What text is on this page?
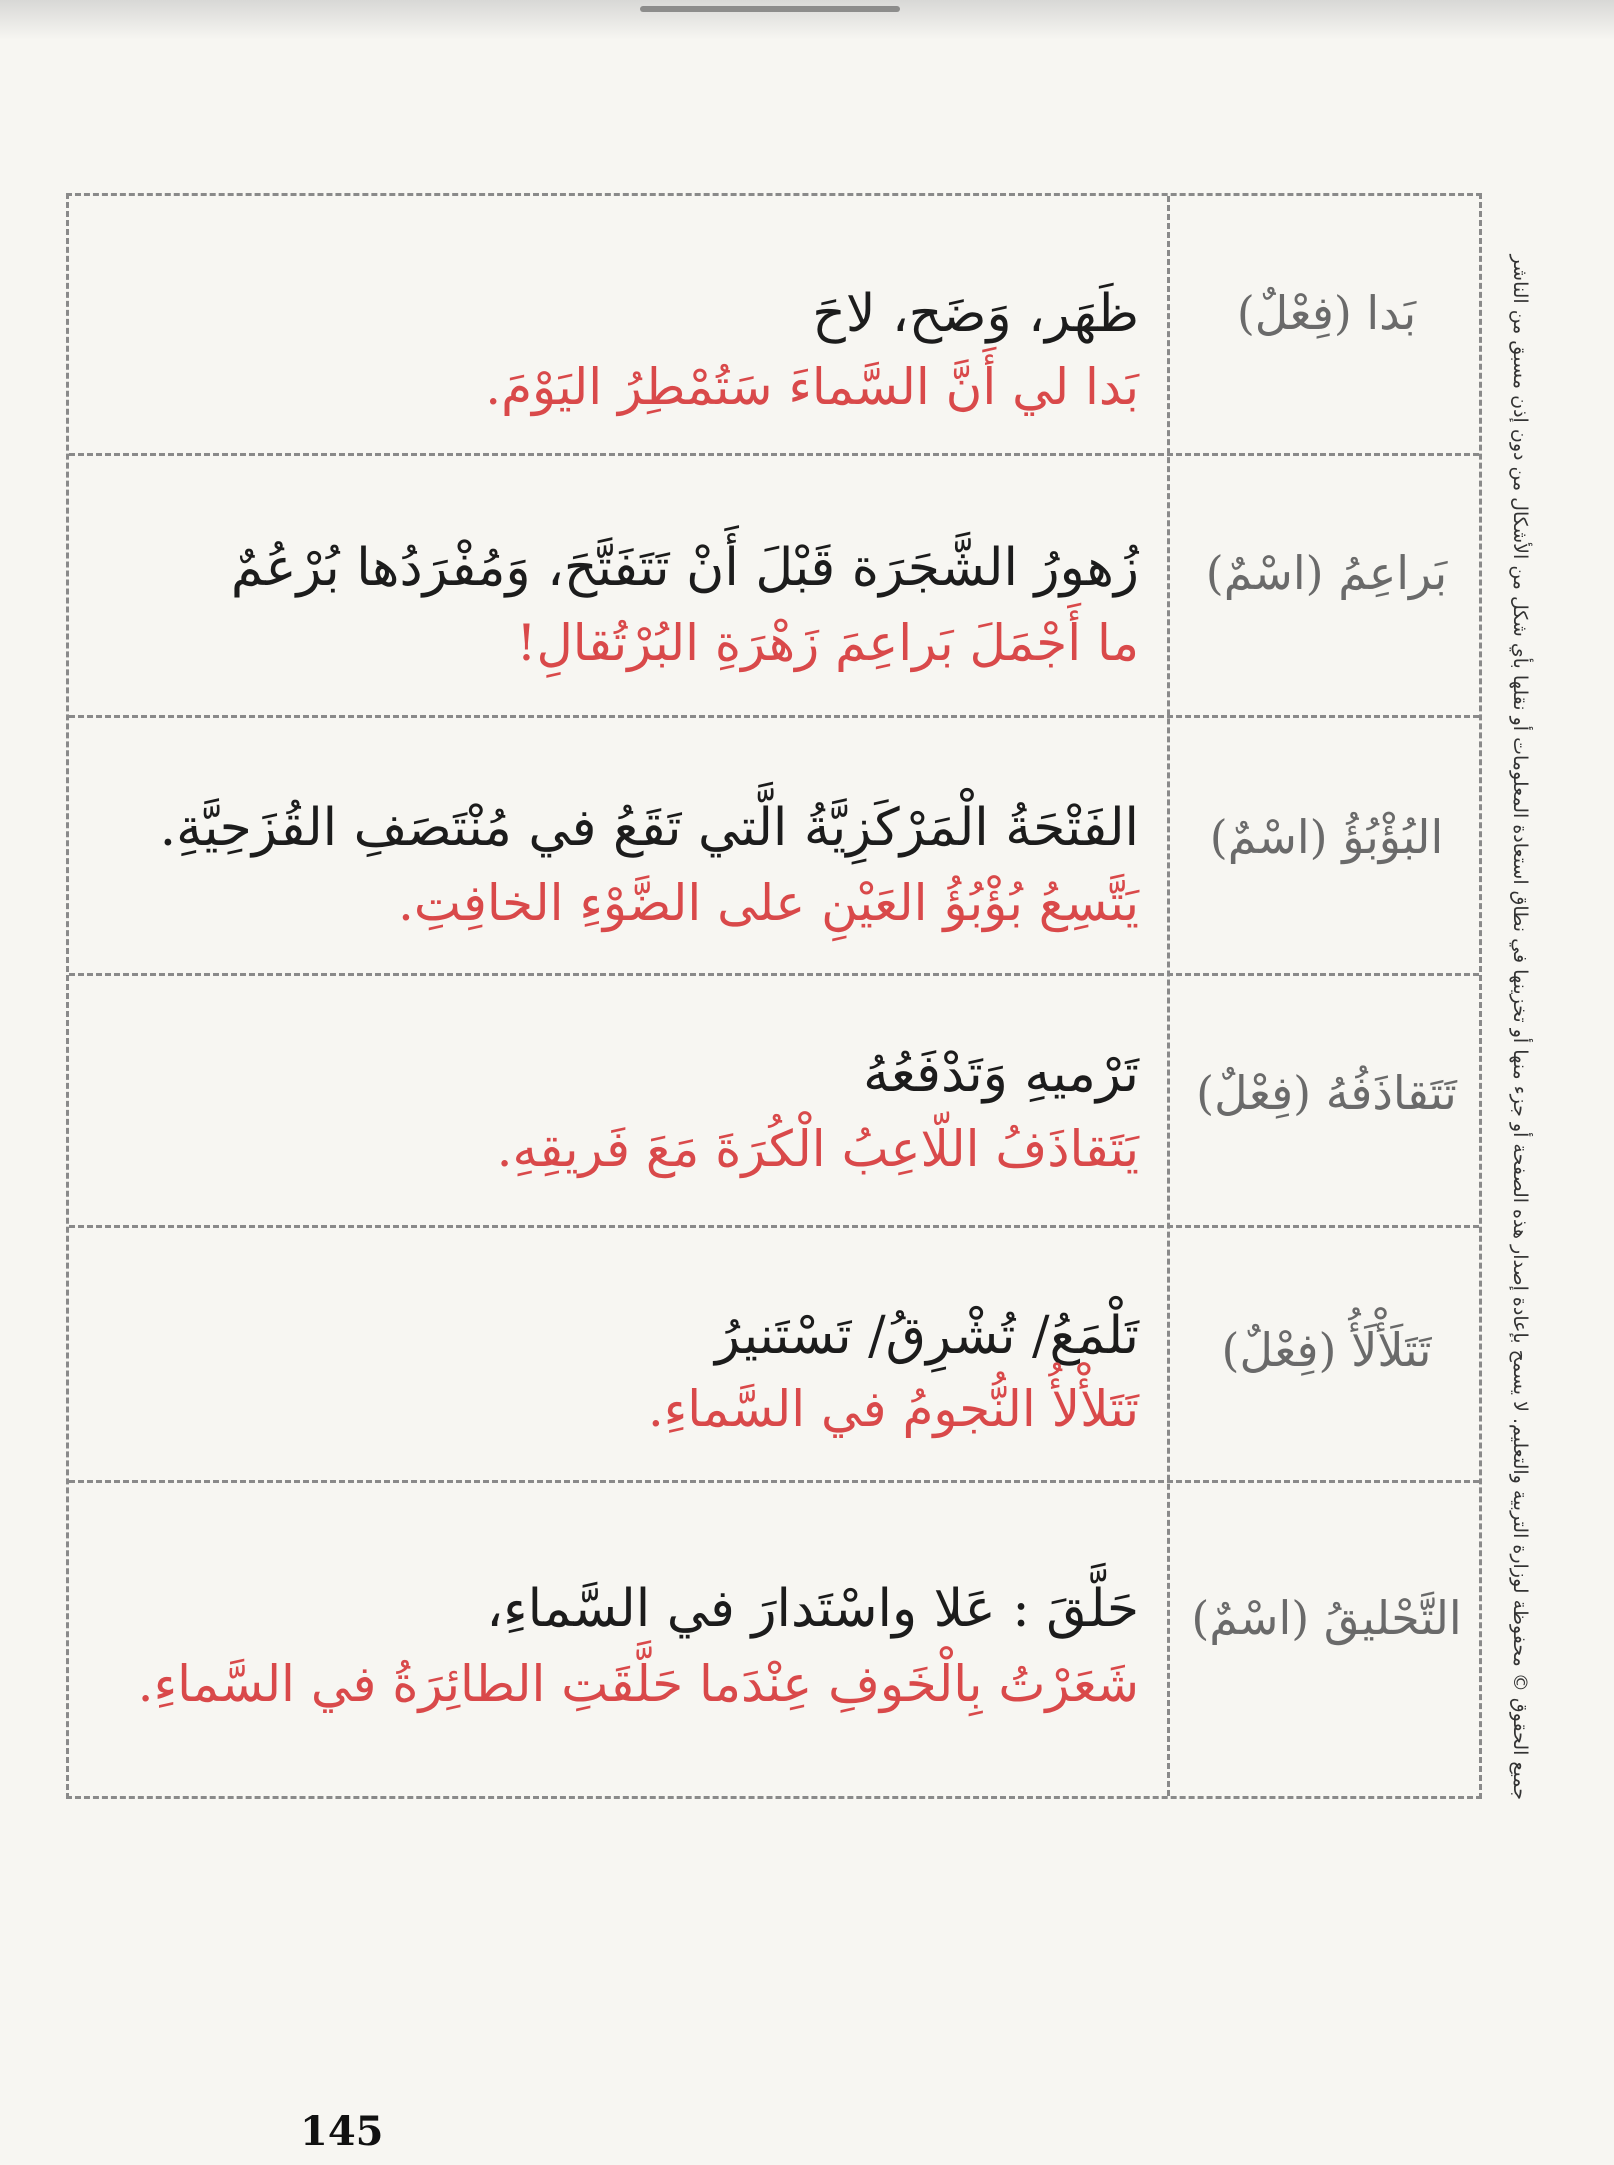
بَدا (فِعْلٌ)
ظَهَر، وَضَح، لاحَ
بَدا لي أَنَّ السَّماءَ سَتُمْطِرُ اليَوْمَ.
بَراعِمُ (اسْمٌ)
زُهورُ الشَّجَرَة قَبْلَ أَنْ تَتَفَتَّحَ، وَمُفْرَدُها بُرْعُمٌ
ما أَجْمَلَ بَراعِمَ زَهْرَةِ البُرْتُقالِ!
البُؤْبُؤُ (اسْمٌ)
الفَتْحَةُ الْمَرْكَزِيَّةُ الَّتي تَقَعُ في مُنْتَصَفِ القُزَحِيَّةِ.
يَتَّسِعُ بُؤْبُؤُ العَيْنِ على الضَّوْءِ الخافِتِ.
تَتَقاذَفُهُ (فِعْلٌ)
تَرْميهِ وَتَدْفَعُهُ
يَتَقاذَفُ اللّاعِبُ الْكُرَةَ مَعَ فَريقِهِ.
تَتَلَأْلَأُ (فِعْلٌ)
تَلْمَعُ/ تُشْرِقُ/ تَسْتَنيرُ
تَتَلأْلأُ النُّجومُ في السَّماءِ.
التَّحْليقُ (اسْمٌ)
حَلَّقَ : عَلا واسْتَدارَ في السَّماءِ،
شَعَرْتُ بِالْخَوفِ عِنْدَما حَلَّقَتِ الطائِرَةُ في السَّماءِ.	جميع الحقوق © محفوظة لوزارة التربية والتعليم. لا يسمح بإعادة إصدار هذه الصفحة أو جزء منها أو تخزينها في نطاق استعادة المعلومات أو نقلها بأي شكل من الأشكال من دون إذن مسبق من الناشر
145
